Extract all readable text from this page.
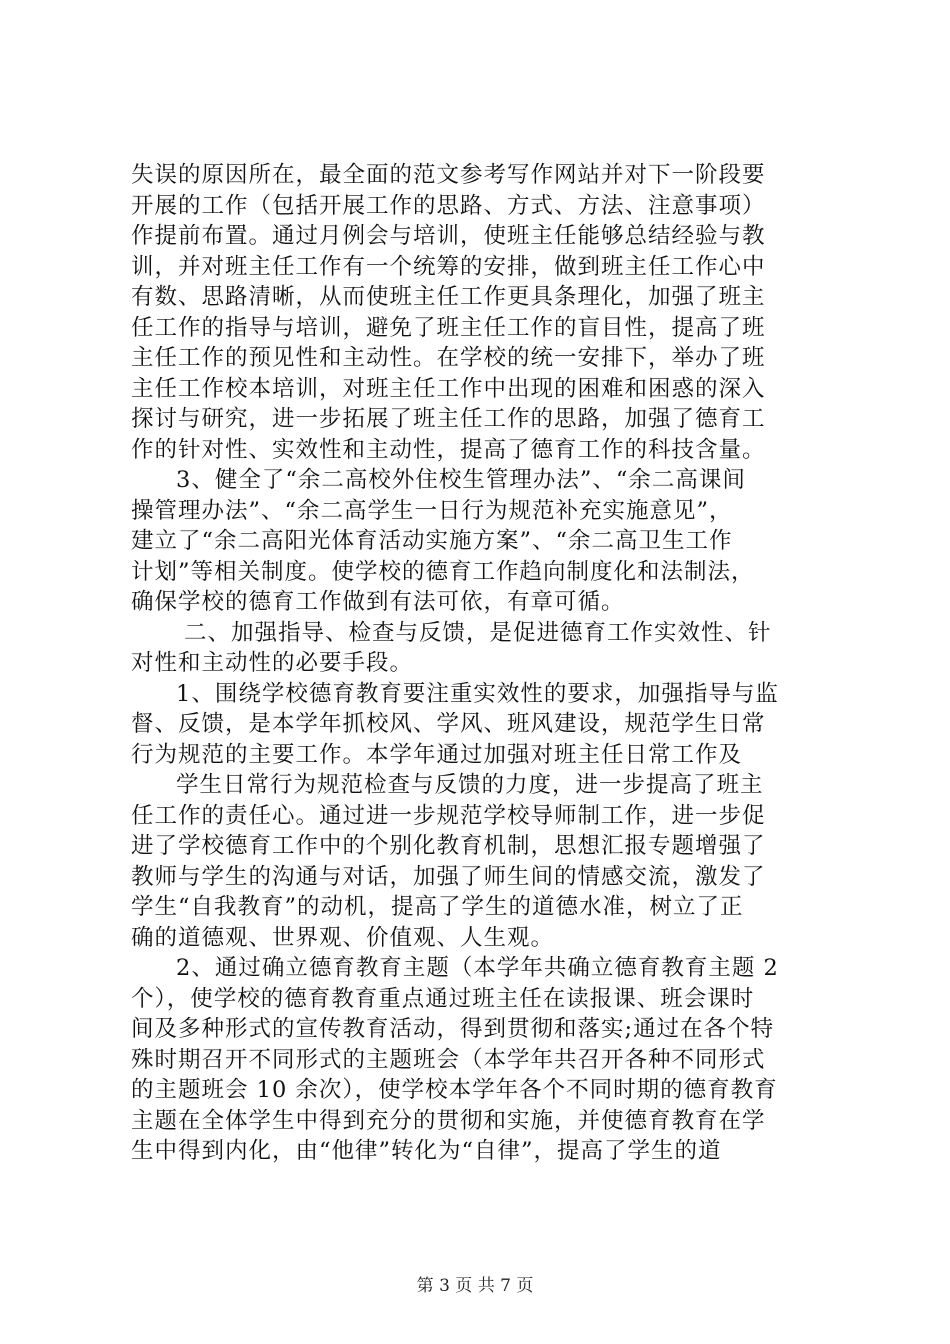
失误的原因所在，最全面的范文参考写作网站并对下一阶段要
开展的工作（包括开展工作的思路、方式、方法、注意事项）
作提前布置。通过月例会与培训，使班主任能够总结经验与教
训，并对班主任工作有一个统筹的安排，做到班主任工作心中
有数、思路清晰，从而使班主任工作更具条理化，加强了班主
任工作的指导与培训，避免了班主任工作的盲目性，提高了班
主任工作的预见性和主动性。在学校的统一安排下，举办了班
主任工作校本培训，对班主任工作中出现的困难和困惑的深入
探讨与研究，进一步拓展了班主任工作的思路，加强了德育工
作的针对性、实效性和主动性，提高了德育工作的科技含量。
3、健全了“余二高校外住校生管理办法”、“余二高课间
操管理办法”、“余二高学生一日行为规范补充实施意见”，
建立了“余二高阳光体育活动实施方案”、“余二高卫生工作
计划”等相关制度。使学校的德育工作趋向制度化和法制法，
确保学校的德育工作做到有法可依，有章可循。
二、加强指导、检查与反馈，是促进德育工作实效性、针
对性和主动性的必要手段。
1、围绕学校德育教育要注重实效性的要求，加强指导与监
督、反馈，是本学年抓校风、学风、班风建设，规范学生日常
行为规范的主要工作。本学年通过加强对班主任日常工作及
学生日常行为规范检查与反馈的力度，进一步提高了班主
任工作的责任心。通过进一步规范学校导师制工作，进一步促
进了学校德育工作中的个别化教育机制，思想汇报专题增强了
教师与学生的沟通与对话，加强了师生间的情感交流，激发了
学生“自我教育”的动机，提高了学生的道德水准，树立了正
确的道德观、世界观、价值观、人生观。
2、通过确立德育教育主题（本学年共确立德育教育主题 2
个），使学校的德育教育重点通过班主任在读报课、班会课时
间及多种形式的宣传教育活动，得到贯彻和落实;通过在各个特
殊时期召开不同形式的主题班会（本学年共召开各种不同形式
的主题班会 10 余次），使学校本学年各个不同时期的德育教育
主题在全体学生中得到充分的贯彻和实施，并使德育教育在学
生中得到内化，由“他律”转化为“自律”，提高了学生的道
第 3 页 共 7 页
